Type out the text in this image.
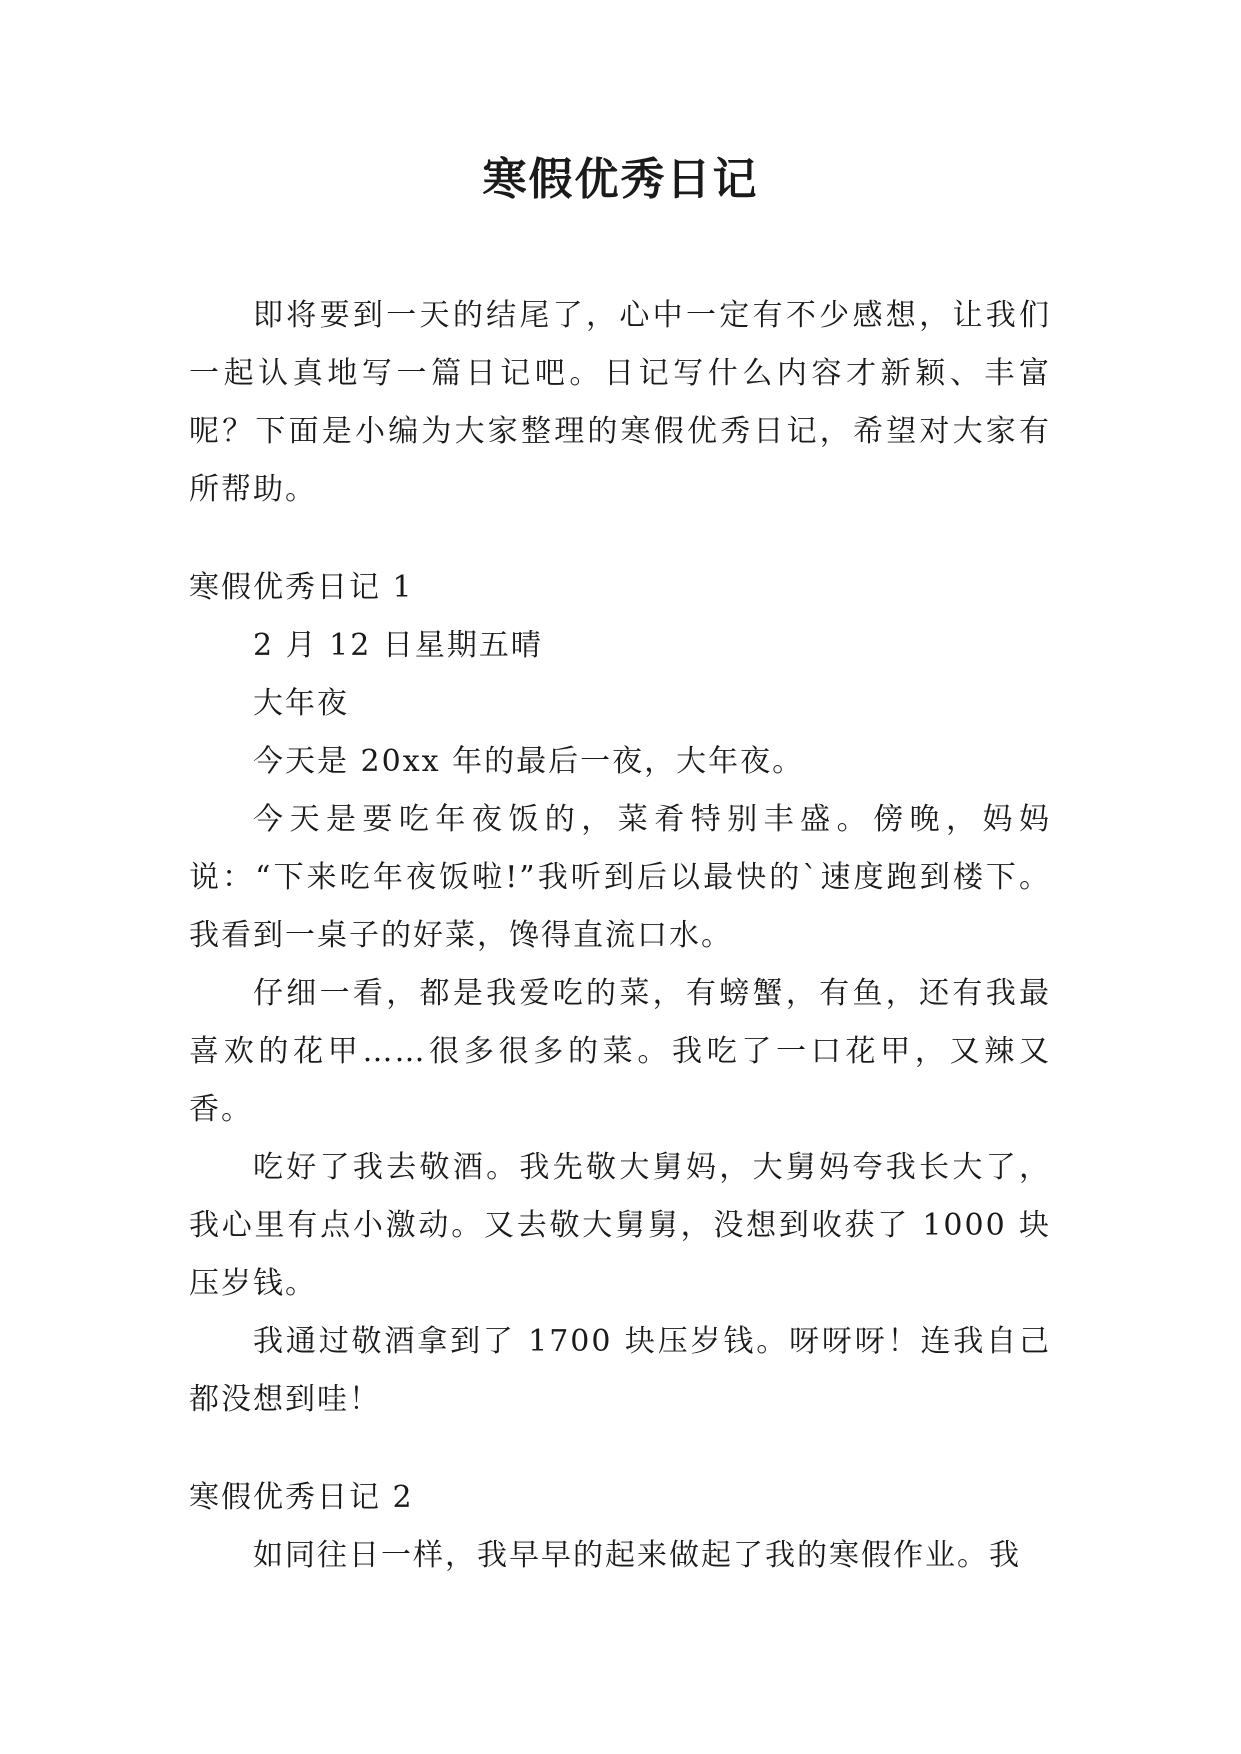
寒假优秀日记

即将要到一天的结尾了，心中一定有不少感想，让我们一起认真地写一篇日记吧。日记写什么内容才新颖、丰富呢？下面是小编为大家整理的寒假优秀日记，希望对大家有所帮助。

寒假优秀日记 1

2 月 12 日星期五晴

大年夜

今天是 20xx 年的最后一夜，大年夜。

今天是要吃年夜饭的，菜肴特别丰盛。傍晚，妈妈说：“下来吃年夜饭啦!”我听到后以最快的`速度跑到楼下。我看到一桌子的好菜，馋得直流口水。

仔细一看，都是我爱吃的菜，有螃蟹，有鱼，还有我最喜欢的花甲……很多很多的菜。我吃了一口花甲，又辣又香。

吃好了我去敬酒。我先敬大舅妈，大舅妈夸我长大了，我心里有点小激动。又去敬大舅舅，没想到收获了 1000 块压岁钱。

我通过敬酒拿到了 1700 块压岁钱。呀呀呀！连我自己都没想到哇！

寒假优秀日记 2

如同往日一样，我早早的起来做起了我的寒假作业。我
